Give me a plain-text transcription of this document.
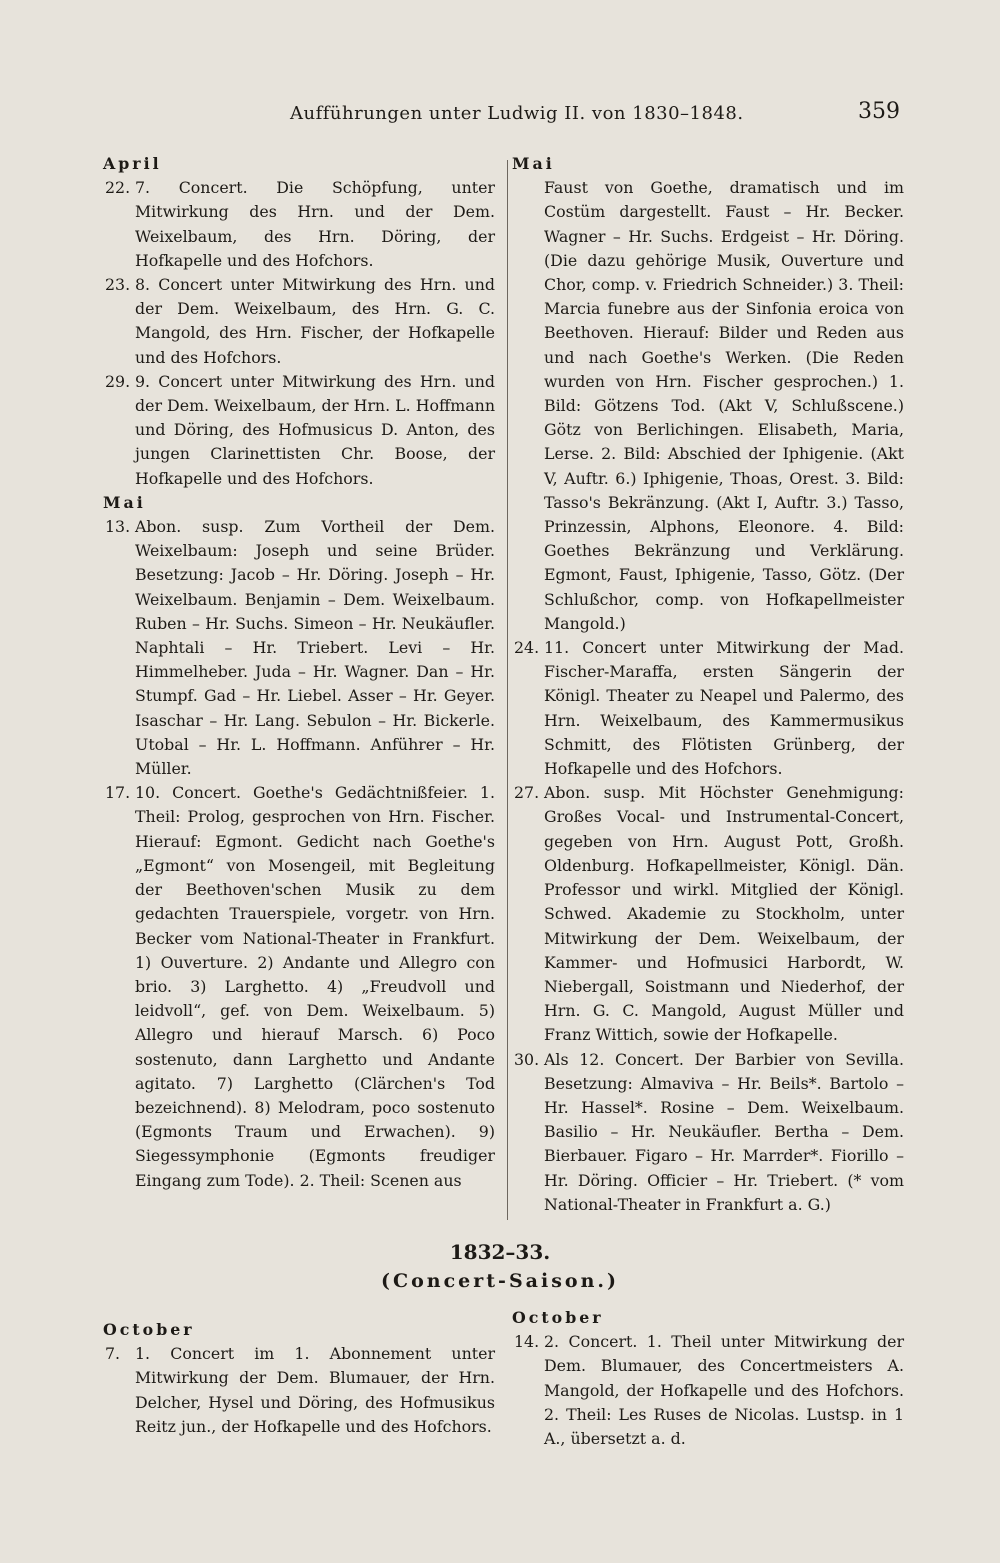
Aufführungen unter Ludwig II. von 1830–1848.	359

April

22. 7. Concert. Die Schöpfung, unter Mitwirkung des Hrn. und der Dem. Weixelbaum, des Hrn. Döring, der Hofkapelle und des Hofchors.
23. 8. Concert unter Mitwirkung des Hrn. und der Dem. Weixelbaum, des Hrn. G. C. Mangold, des Hrn. Fischer, der Hofkapelle und des Hofchors.
29. 9. Concert unter Mitwirkung des Hrn. und der Dem. Weixelbaum, der Hrn. L. Hoffmann und Döring, des Hofmusicus D. Anton, des jungen Clarinettisten Chr. Boose, der Hofkapelle und des Hofchors.

Mai

13. Abon. susp. Zum Vortheil der Dem. Weixelbaum: Joseph und seine Brüder. Besetzung: Jacob – Hr. Döring. Joseph – Hr. Weixelbaum. Benjamin – Dem. Weixelbaum. Ruben – Hr. Suchs. Simeon – Hr. Neukäufler. Naphtali – Hr. Triebert. Levi – Hr. Himmelheber. Juda – Hr. Wagner. Dan – Hr. Stumpf. Gad – Hr. Liebel. Asser – Hr. Geyer. Isaschar – Hr. Lang. Sebulon – Hr. Bickerle. Utobal – Hr. L. Hoffmann. Anführer – Hr. Müller.
17. 10. Concert. Goethe's Gedächtnißfeier. 1. Theil: Prolog, gesprochen von Hrn. Fischer. Hierauf: Egmont. Gedicht nach Goethe's „Egmont“ von Mosengeil, mit Begleitung der Beethoven'schen Musik zu dem gedachten Trauerspiele, vorgetr. von Hrn. Becker vom National-Theater in Frankfurt. 1) Ouverture. 2) Andante und Allegro con brio. 3) Larghetto. 4) „Freudvoll und leidvoll“, gef. von Dem. Weixelbaum. 5) Allegro und hierauf Marsch. 6) Poco sostenuto, dann Larghetto und Andante agitato. 7) Larghetto (Clärchen's Tod bezeichnend). 8) Melodram, poco sostenuto (Egmonts Traum und Erwachen). 9) Siegessymphonie (Egmonts freudiger Eingang zum Tode). 2. Theil: Scenen aus

Mai

Faust von Goethe, dramatisch und im Costüm dargestellt. Faust – Hr. Becker. Wagner – Hr. Suchs. Erdgeist – Hr. Döring. (Die dazu gehörige Musik, Ouverture und Chor, comp. v. Friedrich Schneider.) 3. Theil: Marcia funebre aus der Sinfonia eroica von Beethoven. Hierauf: Bilder und Reden aus und nach Goethe's Werken. (Die Reden wurden von Hrn. Fischer gesprochen.) 1. Bild: Götzens Tod. (Akt V, Schlußscene.) Götz von Berlichingen. Elisabeth, Maria, Lerse. 2. Bild: Abschied der Iphigenie. (Akt V, Auftr. 6.) Iphigenie, Thoas, Orest. 3. Bild: Tasso's Bekränzung. (Akt I, Auftr. 3.) Tasso, Prinzessin, Alphons, Eleonore. 4. Bild: Goethes Bekränzung und Verklärung. Egmont, Faust, Iphigenie, Tasso, Götz. (Der Schlußchor, comp. von Hofkapellmeister Mangold.)

24. 11. Concert unter Mitwirkung der Mad. Fischer-Maraffa, ersten Sängerin der Königl. Theater zu Neapel und Palermo, des Hrn. Weixelbaum, des Kammermusikus Schmitt, des Flötisten Grünberg, der Hofkapelle und des Hofchors.
27. Abon. susp. Mit Höchster Genehmigung: Großes Vocal- und Instrumental-Concert, gegeben von Hrn. August Pott, Großh. Oldenburg. Hofkapellmeister, Königl. Dän. Professor und wirkl. Mitglied der Königl. Schwed. Akademie zu Stockholm, unter Mitwirkung der Dem. Weixelbaum, der Kammer- und Hofmusici Harbordt, W. Niebergall, Soistmann und Niederhof, der Hrn. G. C. Mangold, August Müller und Franz Wittich, sowie der Hofkapelle.
30. Als 12. Concert. Der Barbier von Sevilla. Besetzung: Almaviva – Hr. Beils*. Bartolo – Hr. Hassel*. Rosine – Dem. Weixelbaum. Basilio – Hr. Neukäufler. Bertha – Dem. Bierbauer. Figaro – Hr. Marrder*. Fiorillo – Hr. Döring. Officier – Hr. Triebert. (* vom National-Theater in Frankfurt a. G.)
1832–33.
(Concert-Saison.)

October

7. 1. Concert im 1. Abonnement unter Mitwirkung der Dem. Blumauer, der Hrn. Delcher, Hysel und Döring, des Hofmusikus Reitz jun., der Hofkapelle und des Hofchors.

October

14. 2. Concert. 1. Theil unter Mitwirkung der Dem. Blumauer, des Concertmeisters A. Mangold, der Hofkapelle und des Hofchors. 2. Theil: Les Ruses de Nicolas. Lustsp. in 1 A., übersetzt a. d.
